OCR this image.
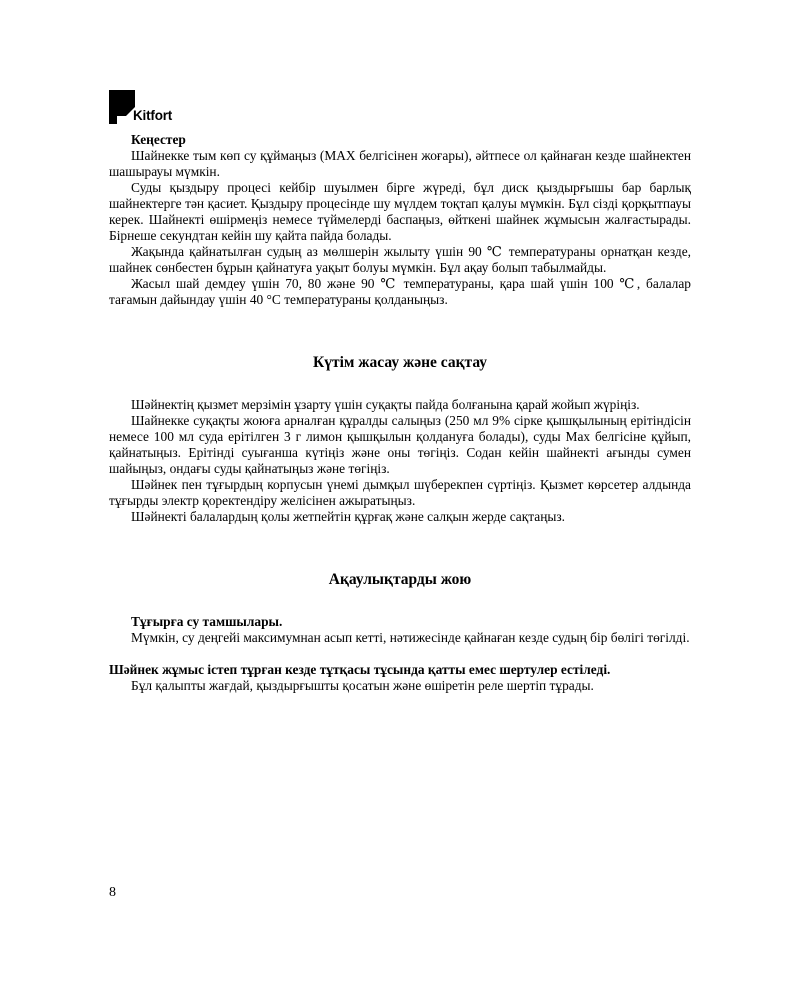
Kitfort

Кеңестер

Шайнекке тым көп су құймаңыз (MAX белгісінен жоғары), әйтпесе ол қайнаған кезде шайнектен шашырауы мүмкін.

Суды қыздыру процесі кейбір шуылмен бірге жүреді, бұл диск қыздырғышы бар барлық шайнектерге тән қасиет. Қыздыру процесінде шу мүлдем тоқтап қалуы мүмкін. Бұл сізді қорқытпауы керек. Шайнекті өшірмеңіз немесе түймелерді баспаңыз, өйткені шайнек жұмысын жалғастырады. Бірнеше секундтан кейін шу қайта пайда болады.

Жақында қайнатылған судың аз мөлшерін жылыту үшін 90 ℃ температураны орнатқан кезде, шайнек сөнбестен бұрын қайнатуға уақыт болуы мүмкін. Бұл ақау болып табылмайды.

Жасыл шай демдеу үшін 70, 80 және 90 ℃ температураны, қара шай үшін 100 ℃, балалар тағамын дайындау үшін 40 °C температураны қолданыңыз.

Күтім жасау және сақтау

Шәйнектің қызмет мерзімін ұзарту үшін суқақты пайда болғанына қарай жойып жүріңіз.

Шайнекке суқақты жоюға арналған құралды салыңыз (250 мл 9% сірке қышқылының ерітіндісін немесе 100 мл суда ерітілген 3 г лимон қышқылын қолдануға болады), суды Max белгісіне құйып, қайнатыңыз. Ерітінді суығанша күтіңіз және оны төгіңіз. Содан кейін шайнекті ағынды сумен шайыңыз, ондағы суды қайнатыңыз және төгіңіз.

Шәйнек пен тұғырдың корпусын үнемі дымқыл шүберекпен сүртіңіз. Қызмет көрсетер алдында тұғырды электр қоректендіру желісінен ажыратыңыз.

Шәйнекті балалардың қолы жетпейтін құрғақ және салқын жерде сақтаңыз.

Ақаулықтарды жою

Тұғырға су тамшылары.

Мүмкін, су деңгейі максимумнан асып кетті, нәтижесінде қайнаған кезде судың бір бөлігі төгілді.

Шәйнек жұмыс істеп тұрған кезде тұтқасы тұсында қатты емес шертулер естіледі.

Бұл қалыпты жағдай, қыздырғышты қосатын және өшіретін реле шертіп тұрады.

8
